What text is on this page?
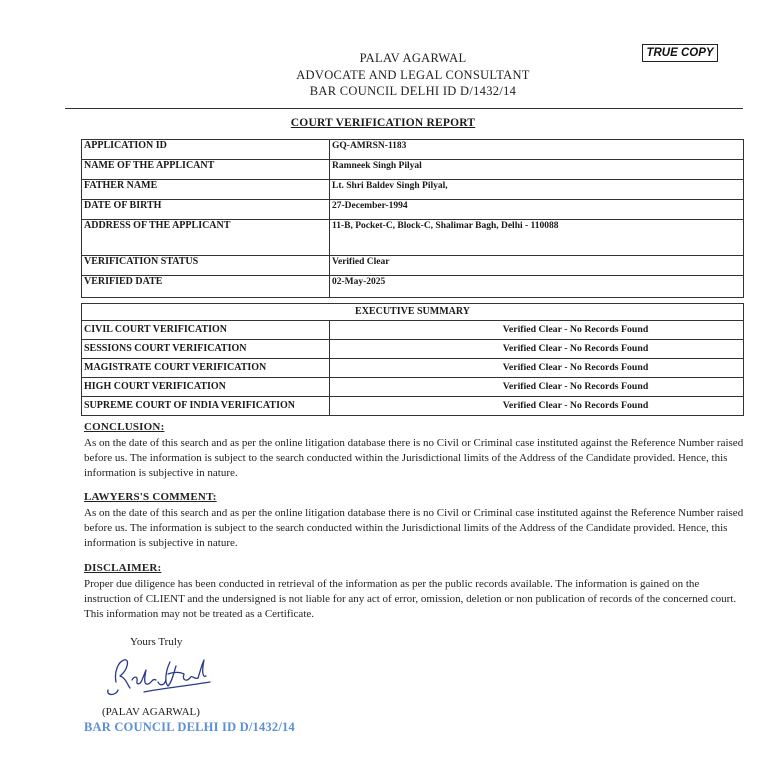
TRUE COPY
PALAV AGARWAL
ADVOCATE AND LEGAL CONSULTANT
BAR COUNCIL DELHI ID D/1432/14
COURT VERIFICATION REPORT
APPLICATION ID	GQ-AMRSN-1183
NAME OF THE APPLICANT	Ramneek Singh Pilyal
FATHER NAME	Lt. Shri Baldev Singh Pilyal,
DATE OF BIRTH	27-December-1994
ADDRESS OF THE APPLICANT	11-B, Pocket-C, Block-C, Shalimar Bagh, Delhi - 110088
VERIFICATION STATUS	Verified Clear
VERIFIED DATE	02-May-2025
EXECUTIVE SUMMARY	
CIVIL COURT VERIFICATION	Verified Clear - No Records Found
SESSIONS COURT VERIFICATION	Verified Clear - No Records Found
MAGISTRATE COURT VERIFICATION	Verified Clear - No Records Found
HIGH COURT VERIFICATION	Verified Clear - No Records Found
SUPREME COURT OF INDIA VERIFICATION	Verified Clear - No Records Found
CONCLUSION:

As on the date of this search and as per the online litigation database there is no Civil or Criminal case instituted against the Reference Number raised before us. The information is subject to the search conducted within the Jurisdictional limits of the Address of the Candidate provided. Hence, this information is subjective in nature.

LAWYERS'S COMMENT:

As on the date of this search and as per the online litigation database there is no Civil or Criminal case instituted against the Reference Number raised before us. The information is subject to the search conducted within the Jurisdictional limits of the Address of the Candidate provided. Hence, this information is subjective in nature.

DISCLAIMER:

Proper due diligence has been conducted in retrieval of the information as per the public records available. The information is gained on the instruction of CLIENT and the undersigned is not liable for any act of error, omission, deletion or non publication of records of the concerned court. This information may not be treated as a Certificate.

Yours Truly
(PALAV AGARWAL)
BAR COUNCIL DELHI ID D/1432/14
